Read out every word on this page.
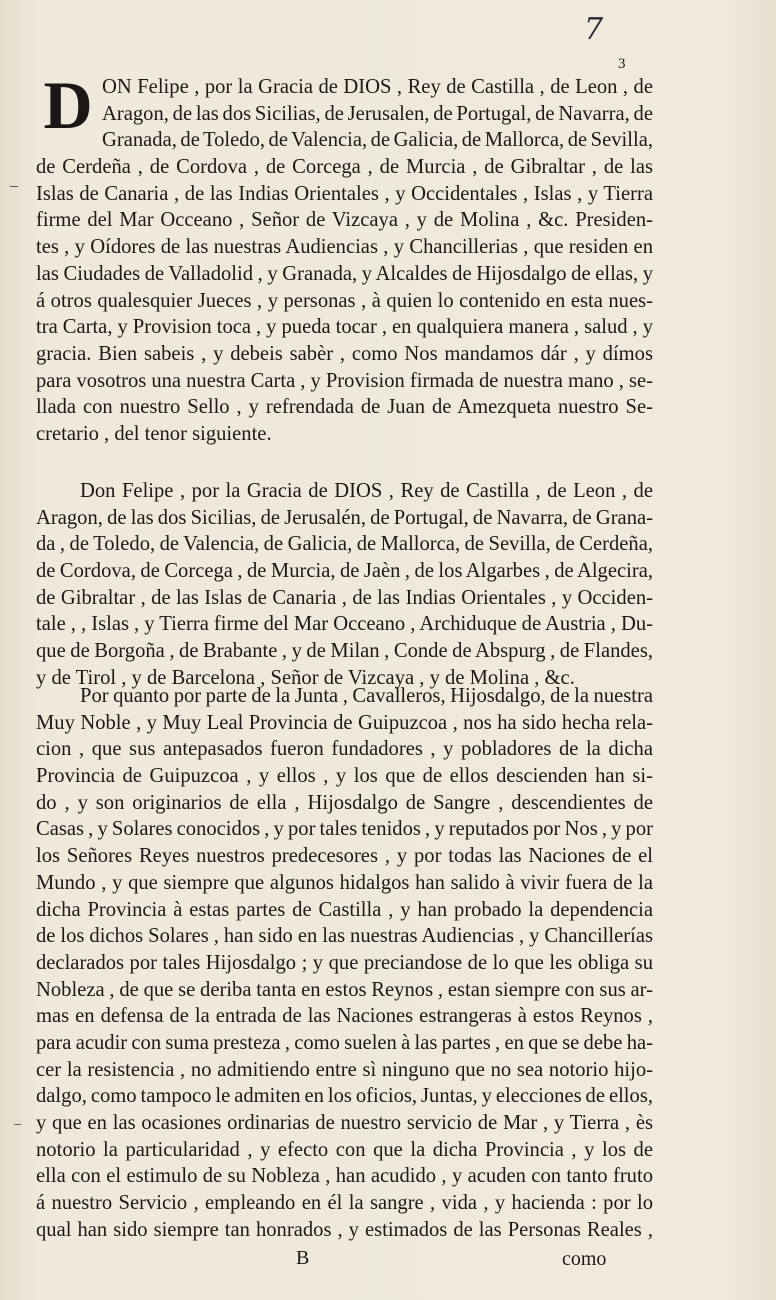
7
3
D ON Felipe , por la Gracia de DIOS , Rey de Castilla , de Leon , de
Aragon, de las dos Sicilias, de Jerusalen, de Portugal, de Navarra, de
Granada, de Toledo, de Valencia, de Galicia, de Mallorca, de Sevilla,
de Cerdeña , de Cordova , de Corcega , de Murcia , de Gibraltar , de las
Islas de Canaria , de las Indias Orientales , y Occidentales , Islas , y Tierra
firme del Mar Occeano , Señor de Vizcaya , y de Molina , &c. Presiden-
tes , y Oídores de las nuestras Audiencias , y Chancillerias , que residen en
las Ciudades de Valladolid , y Granada, y Alcaldes de Hijosdalgo de ellas, y
á otros qualesquier Jueces , y personas , à quien lo contenido en esta nues-
tra Carta, y Provision toca , y pueda tocar , en qualquiera manera , salud , y
gracia. Bien sabeis , y debeis sabèr , como Nos mandamos dár , y dímos
para vosotros una nuestra Carta , y Provision firmada de nuestra mano , se-
llada con nuestro Sello , y refrendada de Juan de Amezqueta nuestro Se-
cretario , del tenor siguiente.
Don Felipe , por la Gracia de DIOS , Rey de Castilla , de Leon , de
Aragon, de las dos Sicilias, de Jerusalén, de Portugal, de Navarra, de Grana-
da , de Toledo, de Valencia, de Galicia, de Mallorca, de Sevilla, de Cerdeña,
de Cordova, de Corcega , de Murcia, de Jaèn , de los Algarbes , de Algecira,
de Gibraltar , de las Islas de Canaria , de las Indias Orientales , y Occiden-
tale , , Islas , y Tierra firme del Mar Occeano , Archiduque de Austria , Du-
que de Borgoña , de Brabante , y de Milan , Conde de Abspurg , de Flandes,
y de Tirol , y de Barcelona , Señor de Vizcaya , y de Molina , &c.
Por quanto por parte de la Junta , Cavalleros, Hijosdalgo, de la nuestra
Muy Noble , y Muy Leal Provincia de Guipuzcoa , nos ha sido hecha rela-
cion , que sus antepasados fueron fundadores , y pobladores de la dicha
Provincia de Guipuzcoa , y ellos , y los que de ellos descienden han si-
do , y son originarios de ella , Hijosdalgo de Sangre , descendientes de
Casas , y Solares conocidos , y por tales tenidos , y reputados por Nos , y por
los Señores Reyes nuestros predecesores , y por todas las Naciones de el
Mundo , y que siempre que algunos hidalgos han salido à vivir fuera de la
dicha Provincia à estas partes de Castilla , y han probado la dependencia
de los dichos Solares , han sido en las nuestras Audiencias , y Chancillerías
declarados por tales Hijosdalgo ; y que preciandose de lo que les obliga su
Nobleza , de que se deriba tanta en estos Reynos , estan siempre con sus ar-
mas en defensa de la entrada de las Naciones estrangeras à estos Reynos ,
para acudir con suma presteza , como suelen à las partes , en que se debe ha-
cer la resistencia , no admitiendo entre sì ninguno que no sea notorio hijo-
dalgo, como tampoco le admiten en los oficios, Juntas, y elecciones de ellos,
y que en las ocasiones ordinarias de nuestro servicio de Mar , y Tierra , ès
notorio la particularidad , y efecto con que la dicha Provincia , y los de
ella con el estimulo de su Nobleza , han acudido , y acuden con tanto fruto
á nuestro Servicio , empleando en él la sangre , vida , y hacienda : por lo
qual han sido siempre tan honrados , y estimados de las Personas Reales ,
B	como
